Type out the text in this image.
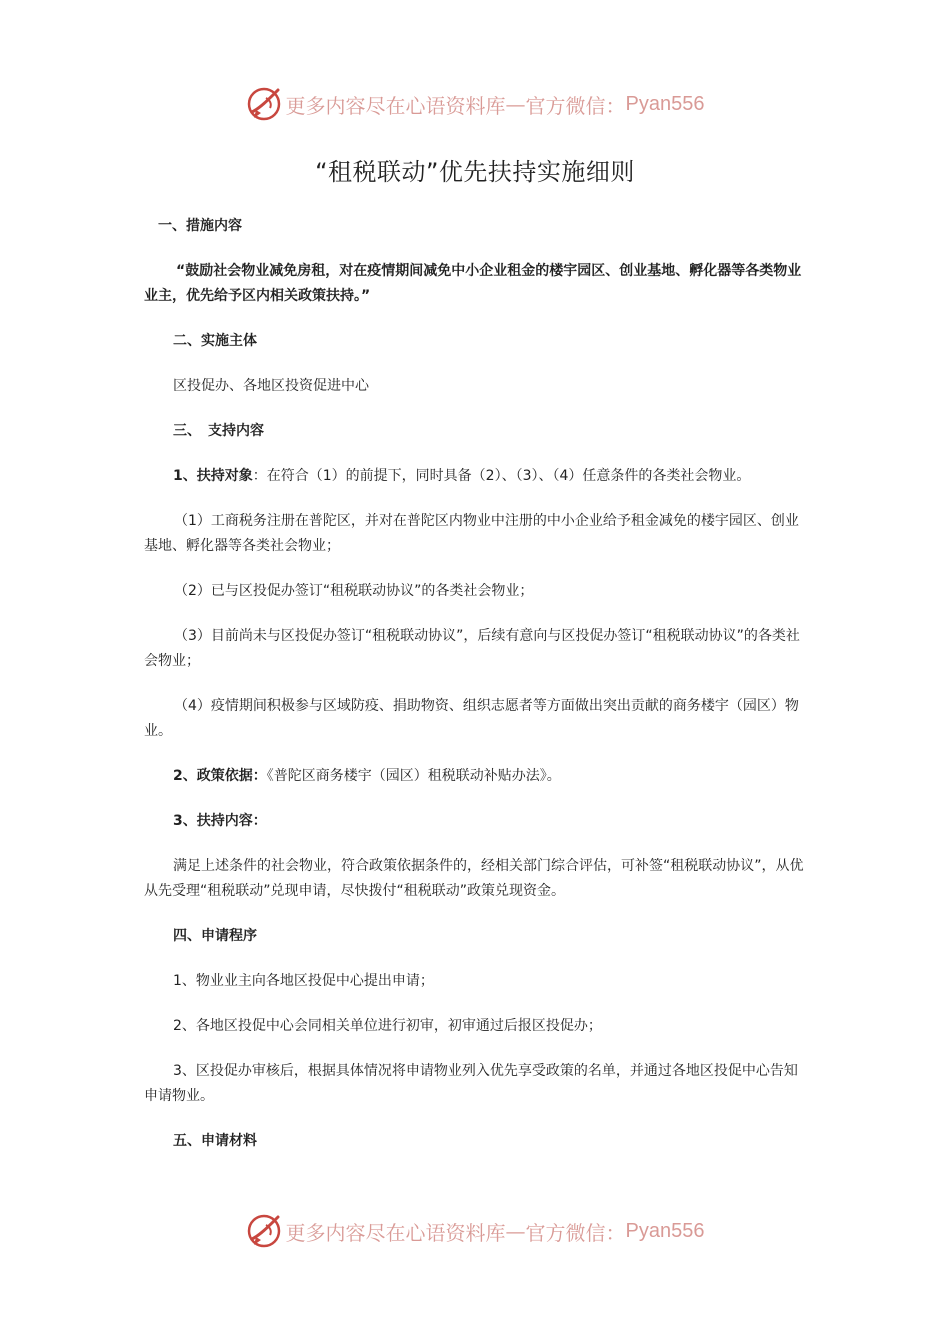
更多内容尽在心语资料库 — 官方微信： Pyan556
“租税联动”优先扶持实施细则

一、措施内容

“鼓励社会物业减免房租，对在疫情期间减免中小企业租金的楼宇园区、创业基地、孵化器等各类物业业主，优先给予区内相关政策扶持。”

二、实施主体

区投促办、各地区投资促进中心

三、　支持内容

1、扶持对象：在符合（1）的前提下，同时具备（2）、（3）、（4）任意条件的各类社会物业。

（1）工商税务注册在普陀区，并对在普陀区内物业中注册的中小企业给予租金减免的楼宇园区、创业基地、孵化器等各类社会物业；

（2）已与区投促办签订“租税联动协议”的各类社会物业；

（3）目前尚未与区投促办签订“租税联动协议”，后续有意向与区投促办签订“租税联动协议”的各类社会物业；

（4）疫情期间积极参与区域防疫、捐助物资、组织志愿者等方面做出突出贡献的商务楼宇（园区）物业。

2、政策依据：《普陀区商务楼宇（园区）租税联动补贴办法》。

3、扶持内容：

满足上述条件的社会物业，符合政策依据条件的，经相关部门综合评估，可补签“租税联动协议”，从优从先受理“租税联动”兑现申请，尽快拨付“租税联动”政策兑现资金。

四、申请程序

1、物业业主向各地区投促中心提出申请；

2、各地区投促中心会同相关单位进行初审，初审通过后报区投促办；

3、区投促办审核后，根据具体情况将申请物业列入优先享受政策的名单，并通过各地区投促中心告知申请物业。

五、申请材料

更多内容尽在心语资料库 — 官方微信： Pyan556
